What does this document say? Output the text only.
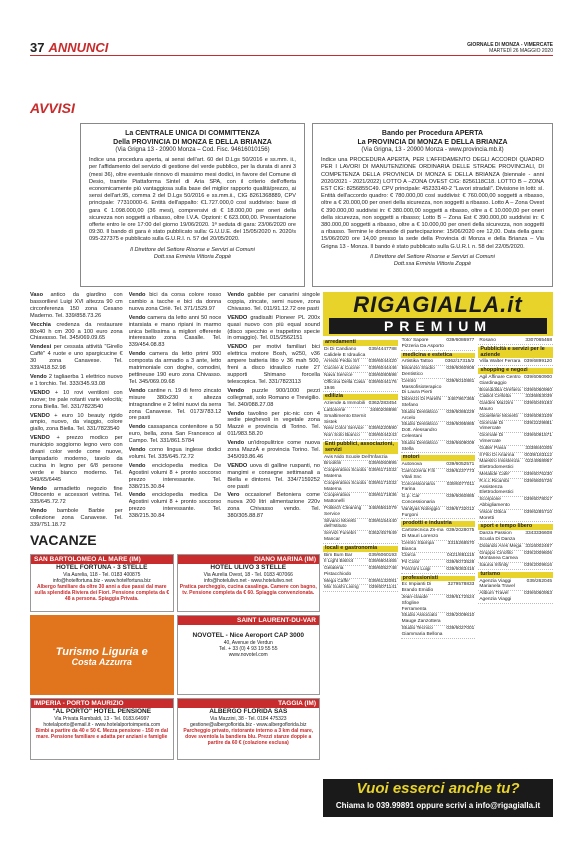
37 ANNUNCI	GIORNALE DI MONZA - VIMERCATE
MARTEDÌ 26 MAGGIO 2020
AVVISI
La CENTRALE UNICA DI COMMITTENZA
Della PROVINCIA DI MONZA E DELLA BRIANZA
(Via Grigna 13 - 20900 Monza – Cod. Fisc. 94616010156)
Indice una procedura aperta, ai sensi dell'art. 60 del D.Lgs 50/2016 e ss.mm. ii., per l'affidamento del servizio di gestione del verde pubblico, per la durata di anni 3 (mesi 36), oltre eventuale rinnovo di massimo mesi dodici, in favore del Comune di Desio, tramite Piattaforma Sintel di Aria SPA, con il criterio dell'offerta economicamente più vantaggiosa sulla base del miglior rapporto qualità/prezzo, ai sensi dell'art.95, comma 2 del D.Lgs 50/2016 e ss.mm.ii., CIG 8261368889, CPV principale: 77310000-6. Entità dell'appalto: €1.727.000,0 così suddiviso: base di gara € 1.098.000,00 (36 mesi), comprensivi di € 18.000,00 per oneri della sicurezza non soggetti a ribasso, oltre I.V.A. Opzioni: € 623.000,00. Presentazione offerte entro le ore 17:00 del giorno 19/06/2020. 1ª seduta di gara: 23/06/2020 ore 09:30. Il bando di gara è stato pubblicato sulla: G.U.U.E. del 15/05/2020 n. 2020/s 095-227375 e pubblicato sulla G.U.R.I. n. 57 del 20/05/2020.
Il Direttore del Settore Risorse e Servizi ai Comuni
Dott.ssa Erminia Vittoria Zoppè
Bando per Procedura APERTA
La PROVINCIA DI MONZA E DELLA BRIANZA
(Via Grigna, 13 - 20900 Monza - www.provincia.mb.it)
Indice una PROCEDURA APERTA, PER L'AFFIDAMENTO DEGLI ACCORDI QUADRO PER I LAVORI DI MANUTENZIONE ORDINARIA DELLE STRADE PROVINCIALI, DI COMPETENZA DELLA PROVINCIA DI MONZA E DELLA BRIANZA (biennale - anni 2020/2021 - 2021/2022) LOTTO A –ZONA OVEST CIG: 8256118C18. LOTTO B – ZONA EST CIG: 8256855C49. CPV principale: 45233140-2 "Lavori stradali". Divisione in lotti: sì. Entità dell'accordo quadro: € 780.000,00 così suddivisi: € 760.000,00 soggetti a ribasso, oltre a € 20.000,00 per oneri della sicurezza, non soggetti a ribasso. Lotto A – Zona Ovest € 390.000,00 suddivisi in: € 380.000,00 soggetti a ribasso, oltre a € 10.000,00 per oneri della sicurezza, non soggetti a ribasso; Lotto B – Zona Est € 390.000,00 suddivisi in: € 380.000,00 soggetti a ribasso, oltre a € 10.000,00 per oneri della sicurezza, non soggetti a ribasso. Termine le domande di partecipazione: 15/06/2020 ore 12,00. Data della gara: 15/06/2020 ore 14,00 presso la sede della Provincia di Monza e della Brianza – Via Grigna 13 - Monza. Il bando è stato pubblicato sulla G.U.R.I. n. 58 del 22/05/2020.
Il Direttore del Settore Risorse e Servizi ai Comuni
Dott.ssa Erminia Vittoria Zoppè

Vaso antico da giardino con bassorilievi Luigi XVI altezza 90 cm circonferenza 150 zona Cesano Maderno. Tel. 339/858.73.26

Vecchia credenza da restaurare 80x40 h cm 200 a 100 euro zona Chiavasso. Tel. 345/069.09.65

Vendesi per cessata attività "Girello Caffè" 4 ruote e uno spargicucine € 30 zona Canavese. Tel. 339/418.52.98

Vendo 2 tagliaerba 1 elettrico nuovo e 1 torchio. Tel. 333/345.93.08

VENDO + 10 rovi ventiloni con nuove; tre pale rotanti varie velocità; zona Biella. Tel. 331/7823540

VENDO + euro 10 beauty rigido ampio, nuovo, da viaggio, colore giallo, zona Biella. Tel. 331/7823540

VENDO + prezzo modico per municipio soggiorno legno vero con divani color verde come nuove, lampadario moderno, tavolo da cucina in legno per 6/8 persone verde e bianco moderno. Tel. 349/65/6445

Vendo armadietto negozio fine Ottocento e accessori vetrina. Tel. 335/645.72.72

Vendo bambole Barbie per collezione zona Canavese. Tel. 339/751.18.72

Vendo bici da corsa colore rosso cambio a tacche e bici da donna nuova zona Ciriè. Tel. 371/1529.97

Vendo camera da letto anni 50 noce intarsiata e mano ripiani in marmo unica bellissima a migliori offerente interessato zona Casalle. Tel. 339/454.08.83

Vendo camera da letto primi 900 composta da armadio a 3 ante, letto matrimoniale con doghe, comodini, pettineuse 190 euro zona Chivasso. Tel. 345/069.09.68

Vendo cantine n. 19 di ferro zincato misure 380x230 x altezza intragrandine e 2 telini nuovi da serra zona Canavese. Tel. 0173/783.12 ore pasti

Vendo cassapanca contenitore a 50 euro, bella, zona San Francesco al Campo. Tel. 331/861.5784

Vendo corno lingua inglese dodici volumi. Tel. 335/645.72.72

Vendo enciclopedia medica De Agostini volumi 8 + pronto soccorso prezzo interessante. Tel. 338/215.30.84

Vendo enciclopedia medica De Agostini volumi 8 + pronto soccorso prezzo interessante. Tel. 338/215.30.84

Vendo gabbie per canarini singole coppia, zincate, semi nuove, zona Chivasso. Tel. 011/91.12.72 ore pasti

VENDO gradisalti Pioneer PL 200x quasi nuovo con più equal sound (disco specchio e trappetino specie in omaggio). Tel. 015/2562151

VENDO per motivi familiari bici elettrica motore Bosh, w250, v36 ampere batteria litio v 36 mah 500, freni a disco idraulico ruote 27 supporti Shimano forcella telescopica. Tel. 331/7823113

Vendo puzzle 900/1000 pezzi collegmati, solo Romano e Trevigilio. Tel. 340/088.27.08

Vendo tavolino per pic-nic con 4 sedie pieghevoli in vegetale zona Mazzè e provincia di Torino. Tel. 011/983.58.20

Vendo un'idropulitrice come nuova zona MazzÀ e provincia Torino. Tel. 345/093.86.46

VENDO uova di galline ruspanti, no mangimi e consegne settimanali a Biella e dintorni. Tel. 334/7159252 ore pasti

Vero occasione! Betoniera come nuova 200 litri alimentazione 220v zona Chivasso vendo. Tel. 380/305.88.87

RIGAGIALLA.it
PREMIUM
arredamenti
Di Di Candiano Calidele E Idraulica
039/4447788
Arredo Fedia Srl 039/6044420
Cucine & Cucine 039/6044446
Nava Service	039/6080598
Officina Della Casa 1946
039/6044176
edilizia
Aziende & Immobili 0362/283454
Lattonerie Smaltimento Eternit Sistek
3480208898
New Color Service 039/6220590
Non Solo Bianco 039/6044243
Enti pubblici, associazioni, servizi
Avis Nido Scuole Dell'Infanzia
Brooklin	039/6060895
Cooperativa Scuola Materna
039/6171032
Cooperativa Scuola Materna
039/6171032
Cooperativa Mattonelli
039/6171836
Politech Cleaning Service
348/6561079
Silvano Moretti dell'Istituto
039/6154440
Servizi Funebri Mancar
0362/457649
locali e gastronomia
Bim Bum Bar	039/6060193
Il Light Bistrot	039/6604465
Gelateria Pistacchiodo
039/6052748
Mega Caffe'	039/6132081
Mix Sushi Living 039/6071141
Toto' Sapore Pizzeria Da Asporto
039/6086977
medicina e estetica
Artistika Tattoo 0362/17315/2
Bisanzio Studio Dentistico
039/6060908
Centro Massofisioterapico Di Laura Pierti
039/6010881
Dibrezzi Di Parelhi Stefano
3487967365
Studio Dentistico Arcelo
039/6086229
Studio Dentistico Dott. Alessandro Celentani
039/6095985
Studio Dentistico Stella
039/6609009
motori
Autonova	039/6052571
Carrozzeria F.lli Vitali Snc
039/6237773
Concessionaria Farina
039/6077011
G.p. Car Concessionaria
039/6060885
Vanityas Noleggio Furgoni
039/6732012
prodotti e industria
Cartotecnica Zs-ma Di Mauri Lorenzo
039/2028075
Centro Stampa Bianca
3315268570
Clarca	0421/881115
Pil Color	039/6073528
Ponzoni Luigi	039/6083416
professionisti
Ec Impianti Di Brando Emidio
3279578833
Jean-claude Sfogline Ferramenta
039/6172524
Studio Associato Mauge Zanzottera
039/2009610
Studio Tecnico Giammaria Bellona
039/6027001
Rosario	3307065468
Pubblicità e servizi per le aziende
Villa Walter Ferrara 039/6899120
shopping e negozi
Agil Affinare Centro Giardinaggio
039/6060900
Brandiditia Orefiera 039/6060960
Ciabot Cellotta	3336853039
Garden Mazzini Mauro
039/6049193
Gioiellerie Monetti 039/6093109
Giornale Di Vimercate
039/2229881
Giornale Di Vimercate
039/6091571
Gutter Pavia	3338840305
Il Filo Di Arianna 0039/183112
Maestro Insistenza Elettrodomestici
0224958957
Metalide Cafe'	039/6076230
R.s.c.Ricambi Assistenza Elettrodomestici
039/6605726
Scorpione Abbigliamento
039/6078017
Vision Ottica Moretti
039/6285710
sport e tempo libero
Danza Passion Scuola Di Danza
3343336608
Dolando Ares Mega 3316002467
Gruppo Cinofilo Montanea Carnea
039/2009606
Sauna Infinity	039/2009616
turismo
Agenzia Viaggi Marianela Travel
039/262045
Alibum Travel Agenzia Viaggi
039/6060953
Vuoi esserci anche tu?
Chiama lo 039.99891 oppure scrivi a info@rigagialla.it
VACANZE
SAN BARTOLOMEO AL MARE (IM)
HOTEL FORTUNA - 3 STELLE
Via Aurelia, 118 - Tel. 0183 400875
info@hotelfortuna.biz - www.hotelfortuna.biz
Albergo familiare da oltre 30 anni a due passi dal mare sulla splendida Riviera dei Fiori. Pensione completa da € 48 a persona. Spiaggia Privata.
DIANO MARINA (IM)
HOTEL ULIVO 3 STELLE
Via Aurelia Ovest, 18 - Tel. 0183 407066
info@hotelulivo.net - www.hotelulivo.net
Pratica parcheggio, cucina casalinga. Camere con bagno, tv. Pensione completa da € 60. Spiaggia convenzionata.
Turismo Liguria e
Costa Azzurra
SAINT LAURENT-DU-VAR
NOVOTEL - Nice Aeroport CAP 3000
40, Avenue de Verdun
Tel. + 33 (0) 4 93 19 55 55
www.novotel.com
IMPERIA - PORTO MAURIZIO
"AL PORTO" HOTEL PENSIONE
Via Privata Rambaldi, 13 - Tel. 0183.64997
hotelalporto@email.it - www.hotelalportoimperia.com
Bimbi a partire da 40 e 50 €. Mezza pensione - 150 m dal mare. Pensione familiare e adatta per anziani e famiglie
TAGGIA (IM)
ALBERGO FLORIDA SAS
Via Mazzini, 38 - Tel. 0184 475323
gestione@albergoflorida.biz - www.albergoflorida.biz
Parcheggio privato, ristorante interno a 3 km dal mare, dove sventola la bandiera blu. Prezzi stanze doppie a partire da 60 € (colazione esclusa)
